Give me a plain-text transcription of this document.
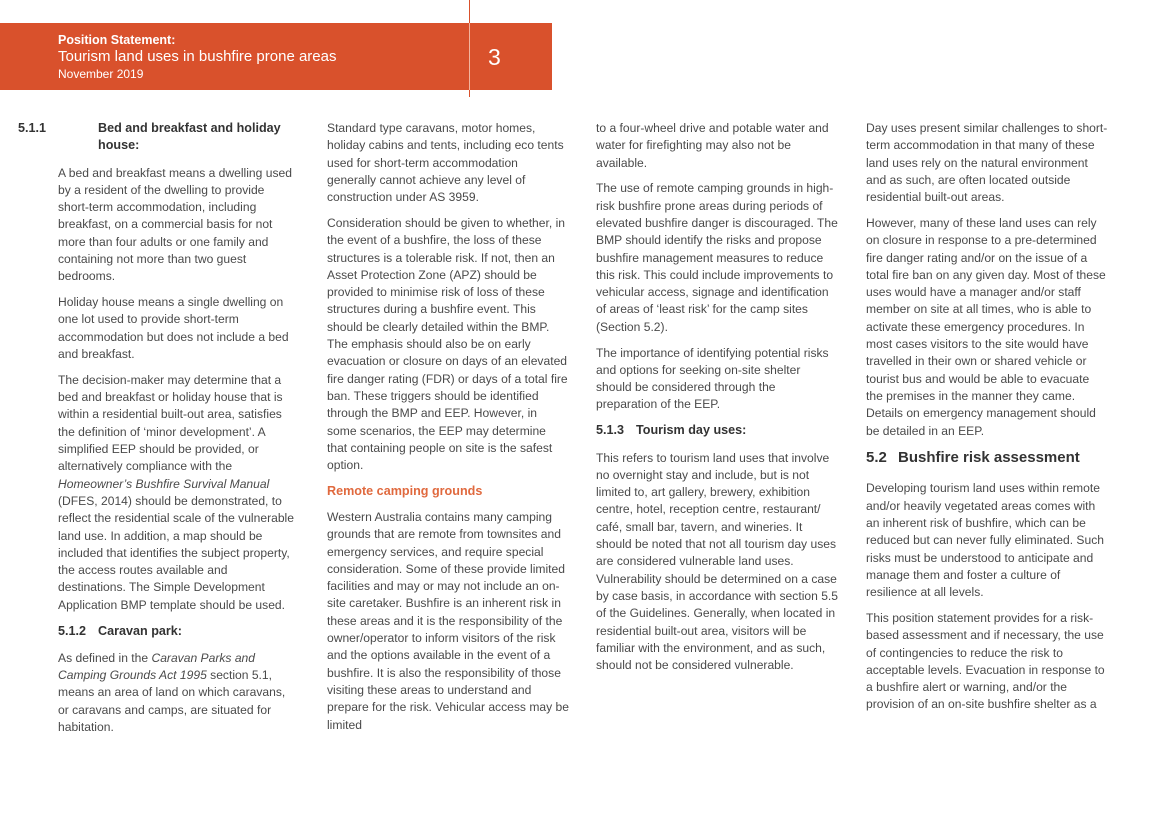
Position Statement:
Tourism land uses in bushfire prone areas
November 2019
3
5.1.1	Bed and breakfast and holiday house:

A bed and breakfast means a dwelling used by a resident of the dwelling to provide short-term accommodation, including breakfast, on a commercial basis for not more than four adults or one family and containing not more than two guest bedrooms.

Holiday house means a single dwelling on one lot used to provide short-term accommodation but does not include a bed and breakfast.

The decision-maker may determine that a bed and breakfast or holiday house that is within a residential built-out area, satisfies the definition of ‘minor development’. A simplified EEP should be provided, or alternatively compliance with the Homeowner’s Bushfire Survival Manual (DFES, 2014) should be demonstrated, to reflect the residential scale of the vulnerable land use. In addition, a map should be included that identifies the subject property, the access routes available and destinations. The Simple Development Application BMP template should be used.

5.1.2 Caravan park:

As defined in the Caravan Parks and Camping Grounds Act 1995 section 5.1, means an area of land on which caravans, or caravans and camps, are situated for habitation.

Standard type caravans, motor homes, holiday cabins and tents, including eco tents used for short-term accommodation generally cannot achieve any level of construction under AS 3959.

Consideration should be given to whether, in the event of a bushfire, the loss of these structures is a tolerable risk. If not, then an Asset Protection Zone (APZ) should be provided to minimise risk of loss of these structures during a bushfire event. This should be clearly detailed within the BMP. The emphasis should also be on early evacuation or closure on days of an elevated fire danger rating (FDR) or days of a total fire ban. These triggers should be identified through the BMP and EEP. However, in some scenarios, the EEP may determine that containing people on site is the safest option.

Remote camping grounds

Western Australia contains many camping grounds that are remote from townsites and emergency services, and require special consideration. Some of these provide limited facilities and may or may not include an on-site caretaker. Bushfire is an inherent risk in these areas and it is the responsibility of the owner/operator to inform visitors of the risk and the options available in the event of a bushfire. It is also the responsibility of those visiting these areas to understand and prepare for the risk. Vehicular access may be limited

to a four-wheel drive and potable water and water for firefighting may also not be available.

The use of remote camping grounds in high-risk bushfire prone areas during periods of elevated bushfire danger is discouraged. The BMP should identify the risks and propose bushfire management measures to reduce this risk. This could include improvements to vehicular access, signage and identification of areas of ‘least risk’ for the camp sites (Section 5.2).

The importance of identifying potential risks and options for seeking on-site shelter should be considered through the preparation of the EEP.

5.1.3 Tourism day uses:

This refers to tourism land uses that involve no overnight stay and include, but is not limited to, art gallery, brewery, exhibition centre, hotel, reception centre, restaurant/ café, small bar, tavern, and wineries. It should be noted that not all tourism day uses are considered vulnerable land uses. Vulnerability should be determined on a case by case basis, in accordance with section 5.5 of the Guidelines. Generally, when located in residential built-out area, visitors will be familiar with the environment, and as such, should not be considered vulnerable.

Day uses present similar challenges to short-term accommodation in that many of these land uses rely on the natural environment and as such, are often located outside residential built-out areas.

However, many of these land uses can rely on closure in response to a pre-determined fire danger rating and/or on the issue of a total fire ban on any given day. Most of these uses would have a manager and/or staff member on site at all times, who is able to activate these emergency procedures. In most cases visitors to the site would have travelled in their own or shared vehicle or tourist bus and would be able to evacuate the premises in the manner they came. Details on emergency management should be detailed in an EEP.

5.2 Bushfire risk assessment

Developing tourism land uses within remote and/or heavily vegetated areas comes with an inherent risk of bushfire, which can be reduced but can never fully eliminated. Such risks must be understood to anticipate and manage them and foster a culture of resilience at all levels.

This position statement provides for a risk-based assessment and if necessary, the use of contingencies to reduce the risk to acceptable levels. Evacuation in response to a bushfire alert or warning, and/or the provision of an on-site bushfire shelter as a
